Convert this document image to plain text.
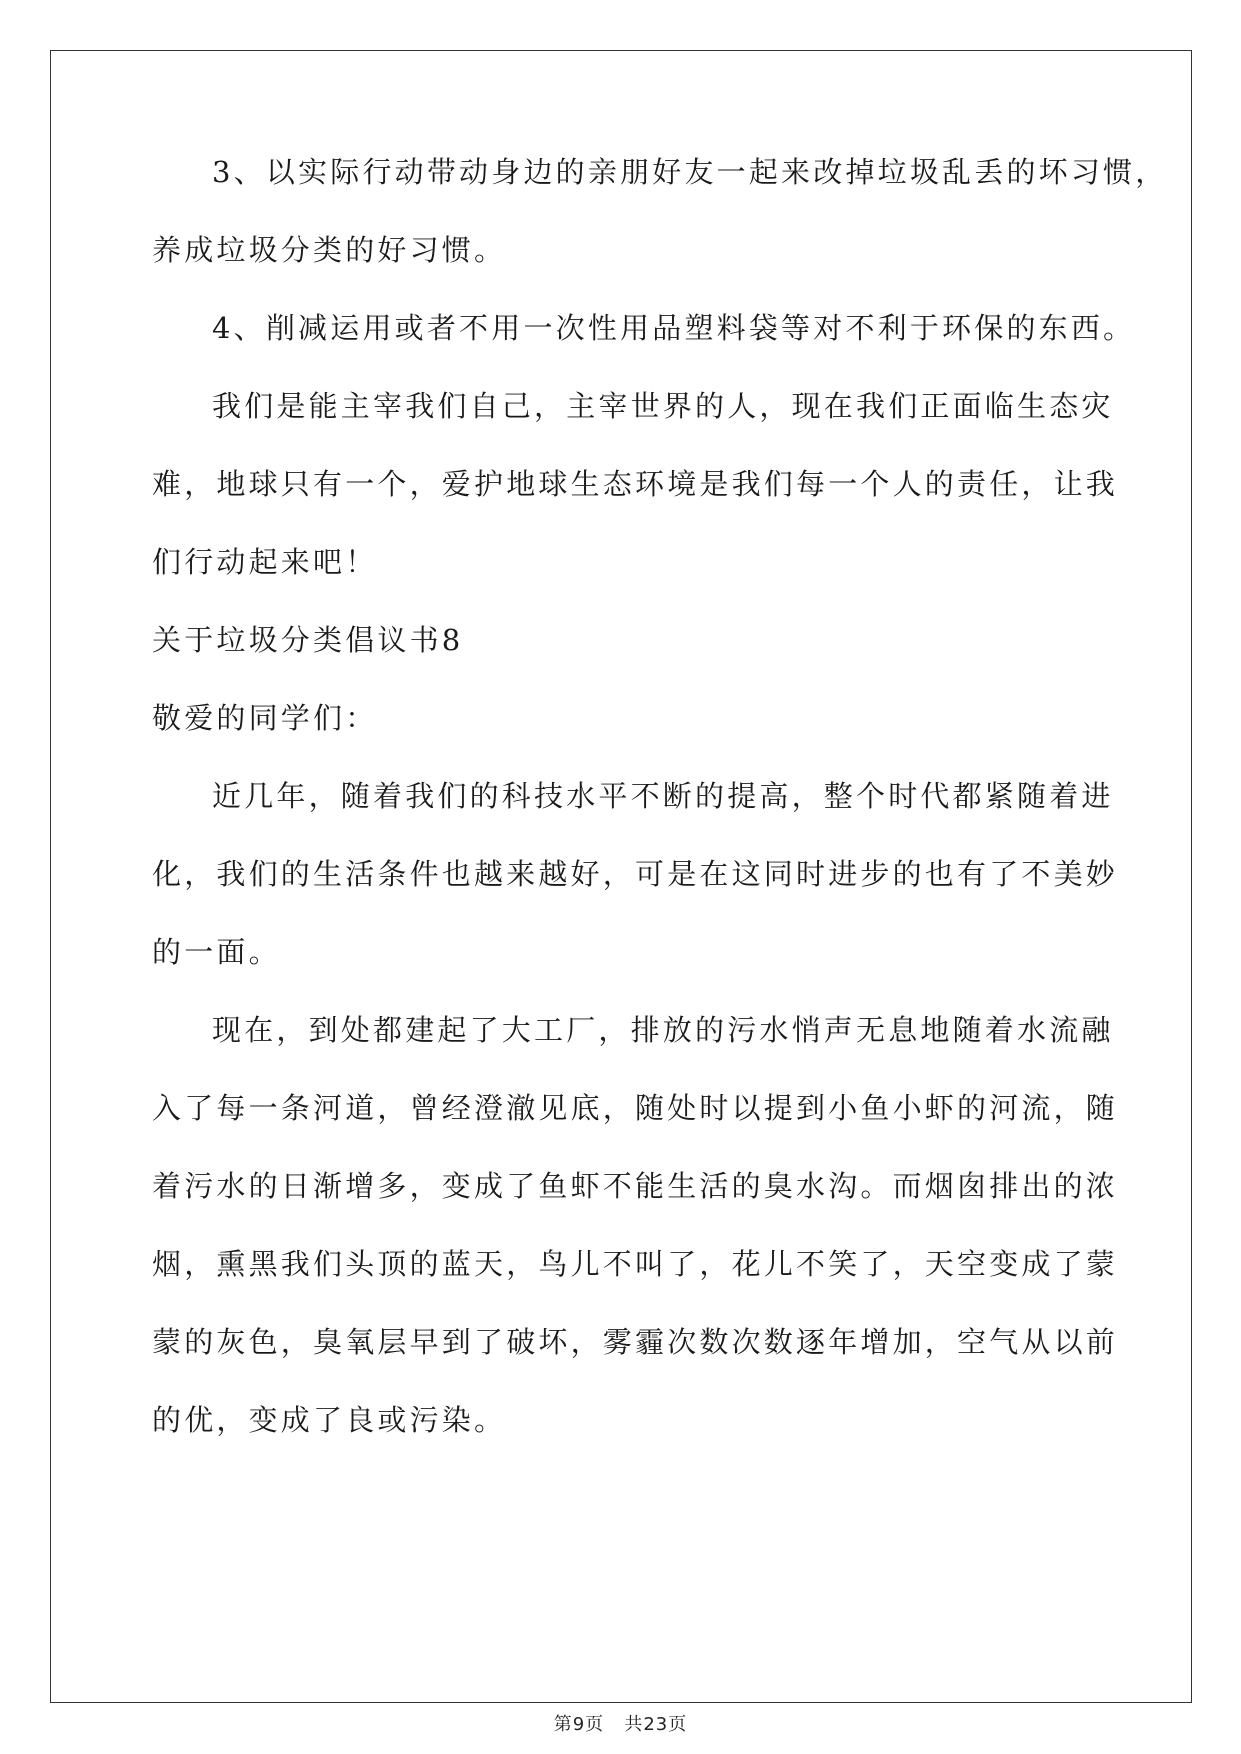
3、以实际行动带动身边的亲朋好友一起来改掉垃圾乱丢的坏习惯，
养成垃圾分类的好习惯。
4、削减运用或者不用一次性用品塑料袋等对不利于环保的东西。
我们是能主宰我们自己，主宰世界的人，现在我们正面临生态灾
难，地球只有一个，爱护地球生态环境是我们每一个人的责任，让我
们行动起来吧！
关于垃圾分类倡议书8
敬爱的同学们：
近几年，随着我们的科技水平不断的提高，整个时代都紧随着进
化，我们的生活条件也越来越好，可是在这同时进步的也有了不美妙
的一面。
现在，到处都建起了大工厂，排放的污水悄声无息地随着水流融
入了每一条河道，曾经澄澈见底，随处时以提到小鱼小虾的河流，随
着污水的日渐增多，变成了鱼虾不能生活的臭水沟。而烟囱排出的浓
烟，熏黑我们头顶的蓝天，鸟儿不叫了，花儿不笑了，天空变成了蒙
蒙的灰色，臭氧层早到了破坏，雾霾次数次数逐年增加，空气从以前
的优，变成了良或污染。
第9页 共23页
